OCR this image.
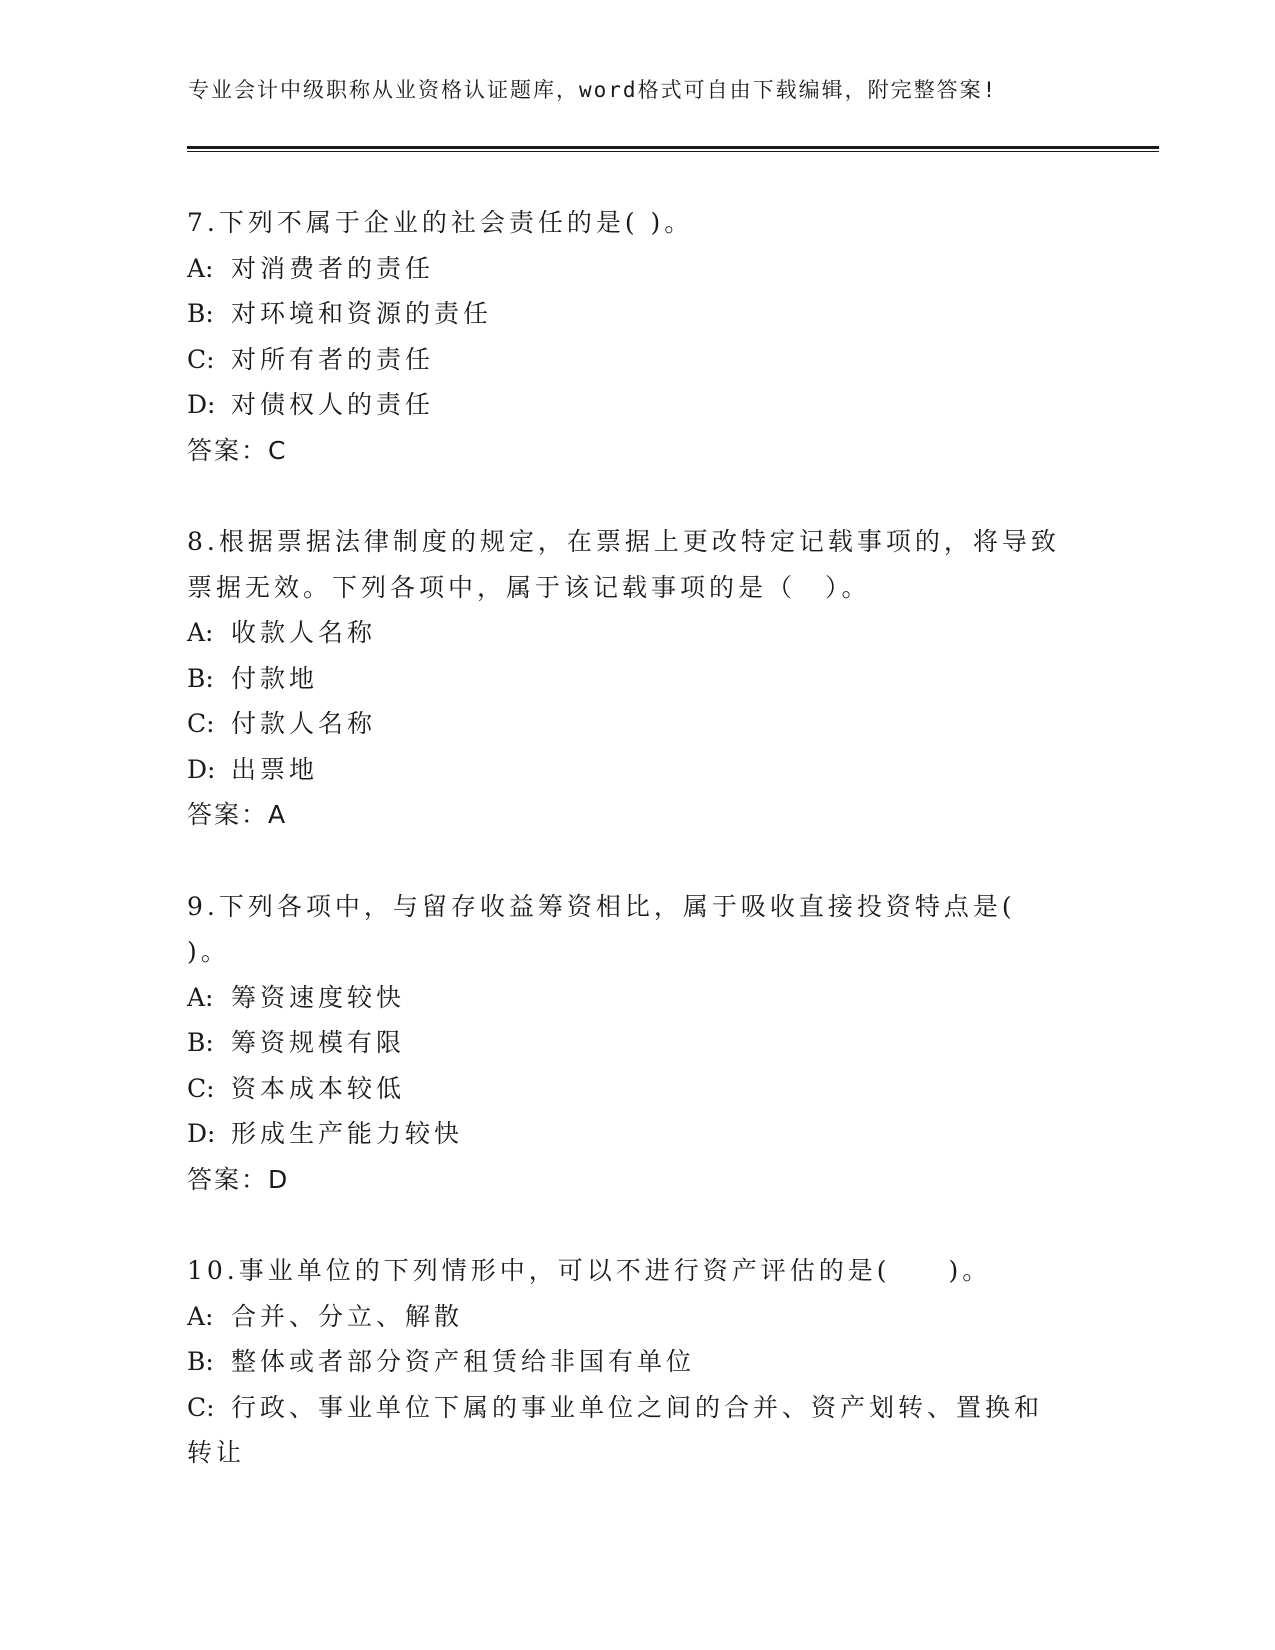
专业会计中级职称从业资格认证题库，word格式可自由下载编辑，附完整答案!
7.下列不属于企业的社会责任的是( )。
A: 对消费者的责任
B: 对环境和资源的责任
C: 对所有者的责任
D: 对债权人的责任
答案：C
8.根据票据法律制度的规定，在票据上更改特定记载事项的，将导致票据无效。下列各项中，属于该记载事项的是（　）。
A: 收款人名称
B: 付款地
C: 付款人名称
D: 出票地
答案：A
9.下列各项中，与留存收益筹资相比，属于吸收直接投资特点是( )。
A: 筹资速度较快
B: 筹资规模有限
C: 资本成本较低
D: 形成生产能力较快
答案：D
10.事业单位的下列情形中，可以不进行资产评估的是(　　)。
A: 合并、分立、解散
B: 整体或者部分资产租赁给非国有单位
C: 行政、事业单位下属的事业单位之间的合并、资产划转、置换和转让
